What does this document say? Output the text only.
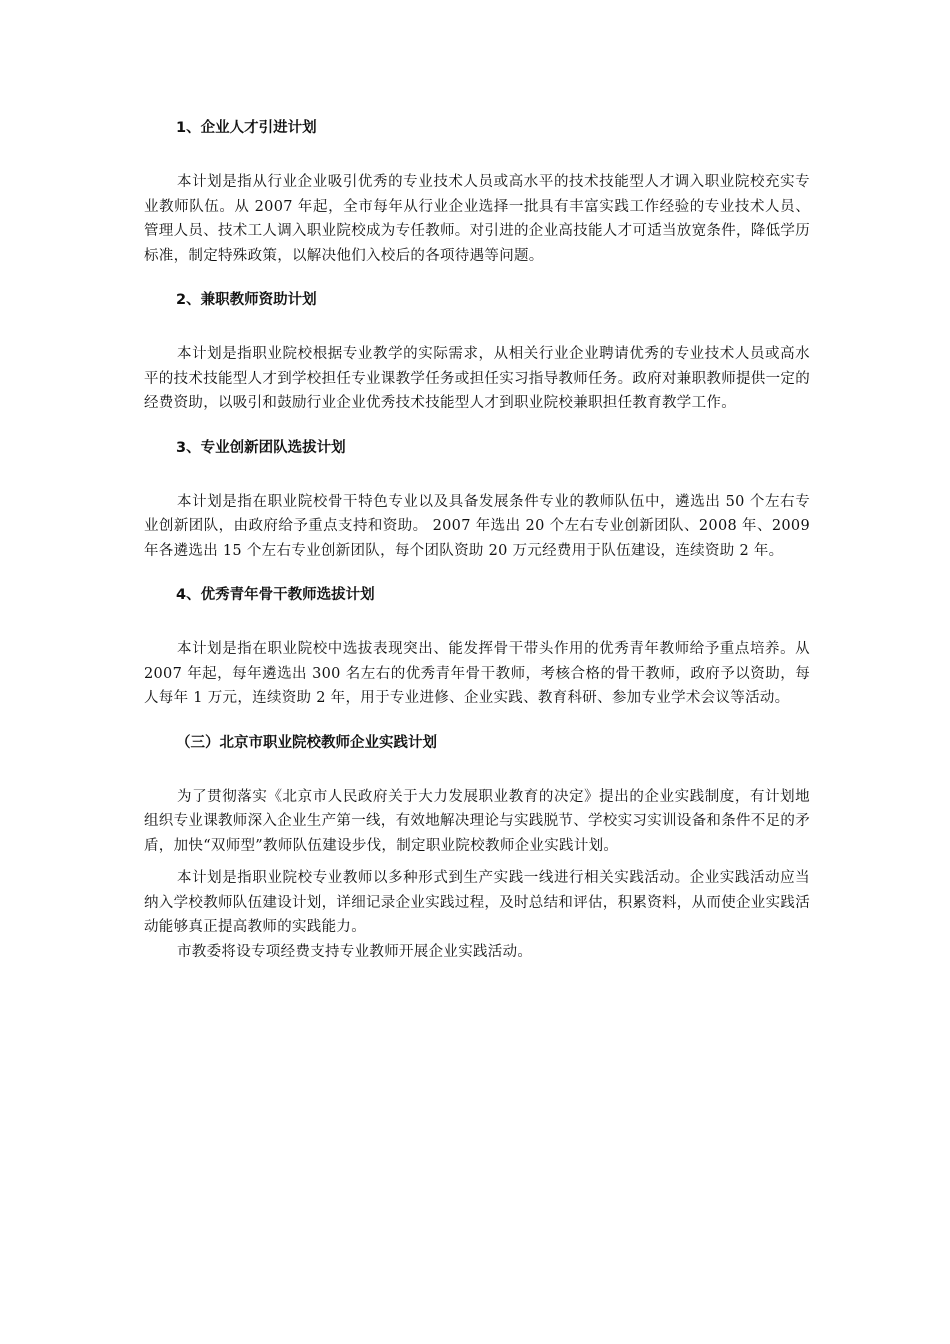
1、企业人才引进计划

本计划是指从行业企业吸引优秀的专业技术人员或高水平的技术技能型人才调入职业院校充实专业教师队伍。从 2007 年起，全市每年从行业企业选择一批具有丰富实践工作经验的专业技术人员、管理人员、技术工人调入职业院校成为专任教师。对引进的企业高技能人才可适当放宽条件，降低学历标准，制定特殊政策，以解决他们入校后的各项待遇等问题。

2、兼职教师资助计划

本计划是指职业院校根据专业教学的实际需求，从相关行业企业聘请优秀的专业技术人员或高水平的技术技能型人才到学校担任专业课教学任务或担任实习指导教师任务。政府对兼职教师提供一定的经费资助，以吸引和鼓励行业企业优秀技术技能型人才到职业院校兼职担任教育教学工作。

3、专业创新团队选拔计划

本计划是指在职业院校骨干特色专业以及具备发展条件专业的教师队伍中，遴选出 50 个左右专业创新团队，由政府给予重点支持和资助。 2007 年选出 20 个左右专业创新团队、2008 年、2009 年各遴选出 15 个左右专业创新团队，每个团队资助 20 万元经费用于队伍建设，连续资助 2 年。

4、优秀青年骨干教师选拔计划

本计划是指在职业院校中选拔表现突出、能发挥骨干带头作用的优秀青年教师给予重点培养。从 2007 年起，每年遴选出 300 名左右的优秀青年骨干教师，考核合格的骨干教师，政府予以资助，每人每年 1 万元，连续资助 2 年，用于专业进修、企业实践、教育科研、参加专业学术会议等活动。

（三）北京市职业院校教师企业实践计划

为了贯彻落实《北京市人民政府关于大力发展职业教育的决定》提出的企业实践制度，有计划地组织专业课教师深入企业生产第一线，有效地解决理论与实践脱节、学校实习实训设备和条件不足的矛盾，加快“双师型”教师队伍建设步伐，制定职业院校教师企业实践计划。

本计划是指职业院校专业教师以多种形式到生产实践一线进行相关实践活动。企业实践活动应当纳入学校教师队伍建设计划，详细记录企业实践过程，及时总结和评估，积累资料，从而使企业实践活动能够真正提高教师的实践能力。

市教委将设专项经费支持专业教师开展企业实践活动。
